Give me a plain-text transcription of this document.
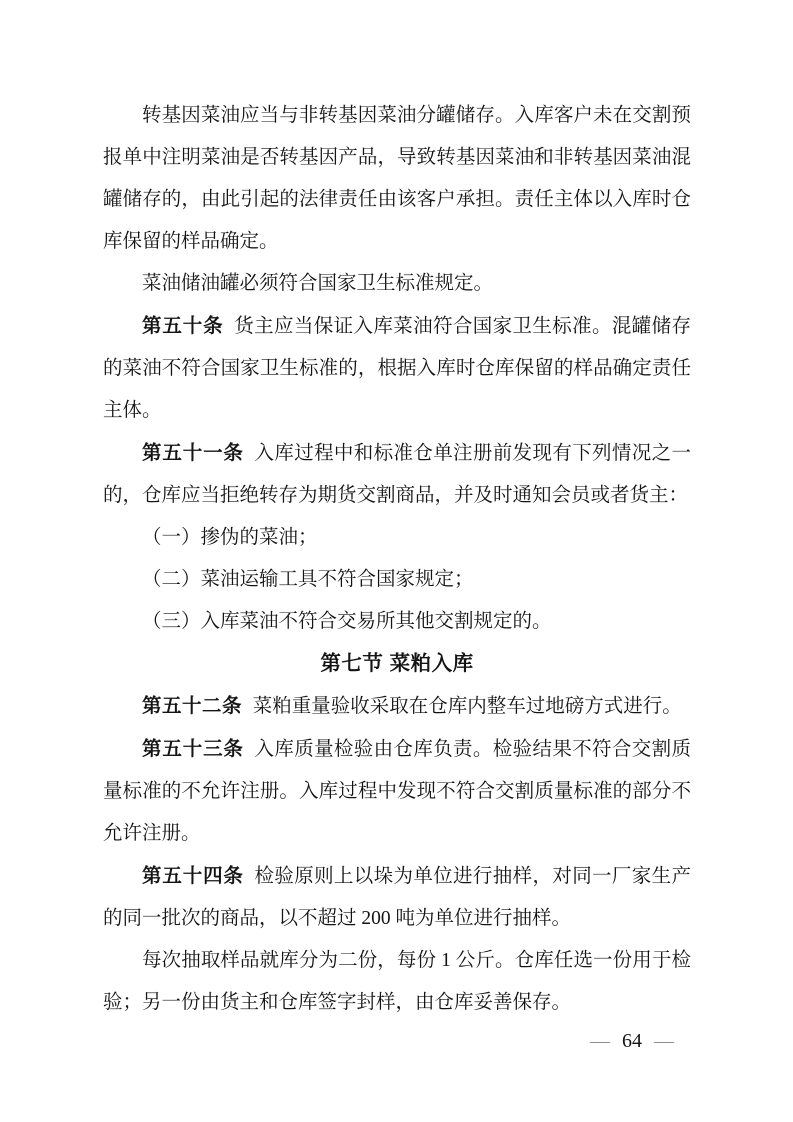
转基因菜油应当与非转基因菜油分罐储存。入库客户未在交割预报单中注明菜油是否转基因产品，导致转基因菜油和非转基因菜油混罐储存的，由此引起的法律责任由该客户承担。责任主体以入库时仓库保留的样品确定。

菜油储油罐必须符合国家卫生标准规定。

第五十条 货主应当保证入库菜油符合国家卫生标准。混罐储存的菜油不符合国家卫生标准的，根据入库时仓库保留的样品确定责任主体。

第五十一条 入库过程中和标准仓单注册前发现有下列情况之一的，仓库应当拒绝转存为期货交割商品，并及时通知会员或者货主：

（一）掺伪的菜油；

（二）菜油运输工具不符合国家规定；

（三）入库菜油不符合交易所其他交割规定的。

第七节 菜粕入库

第五十二条 菜粕重量验收采取在仓库内整车过地磅方式进行。

第五十三条 入库质量检验由仓库负责。检验结果不符合交割质量标准的不允许注册。入库过程中发现不符合交割质量标准的部分不允许注册。

第五十四条 检验原则上以垛为单位进行抽样，对同一厂家生产的同一批次的商品，以不超过 200 吨为单位进行抽样。

每次抽取样品就库分为二份，每份 1 公斤。仓库任选一份用于检验；另一份由货主和仓库签字封样，由仓库妥善保存。

— 64 —
